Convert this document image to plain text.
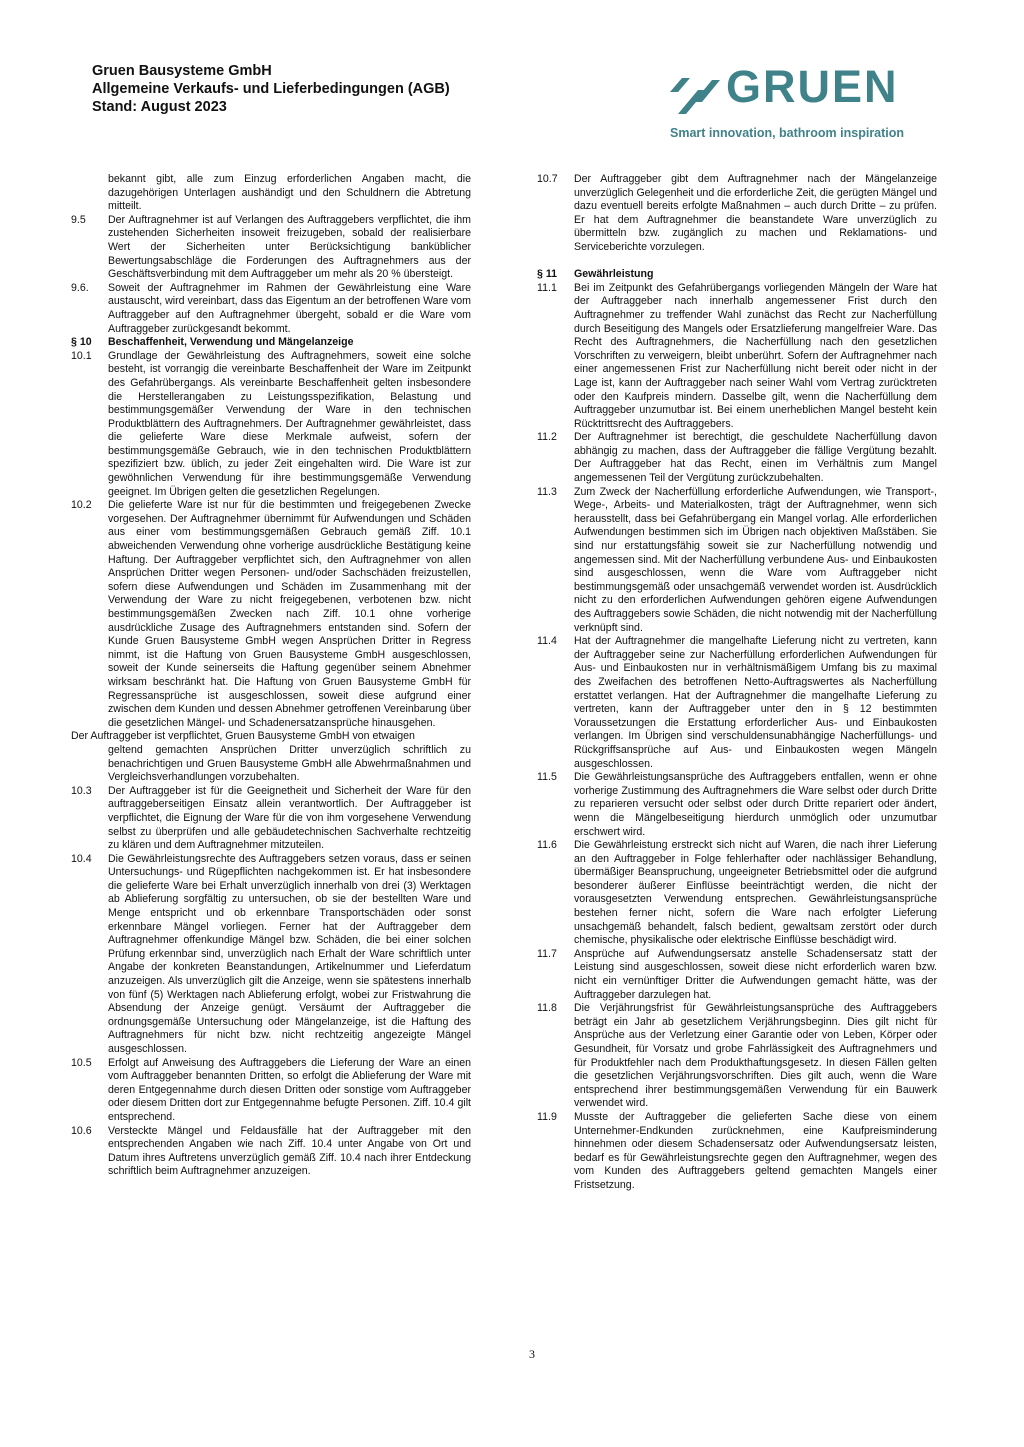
Gruen Bausysteme GmbH
Allgemeine Verkaufs- und Lieferbedingungen (AGB)
Stand: August 2023	GRUEN
Smart innovation, bathroom inspiration
bekannt gibt, alle zum Einzug erforderlichen Angaben macht, die dazugehörigen Unterlagen aushändigt und den Schuldnern die Abtretung mitteilt.
9.5 Der Auftragnehmer ist auf Verlangen des Auftraggebers verpflichtet, die ihm zustehenden Sicherheiten insoweit freizugeben, sobald der realisierbare Wert der Sicherheiten unter Berücksichtigung banküblicher Bewertungsabschläge die Forderungen des Auftragnehmers aus der Geschäftsverbindung mit dem Auftraggeber um mehr als 20 % übersteigt.
9.6. Soweit der Auftragnehmer im Rahmen der Gewährleistung eine Ware austauscht, wird vereinbart, dass das Eigentum an der betroffenen Ware vom Auftraggeber auf den Auftragnehmer übergeht, sobald er die Ware vom Auftraggeber zurückgesandt bekommt.
§ 10 Beschaffenheit, Verwendung und Mängelanzeige
10.1 Grundlage der Gewährleistung des Auftragnehmers, soweit eine solche besteht, ist vorrangig die vereinbarte Beschaffenheit der Ware im Zeitpunkt des Gefahrübergangs. Als vereinbarte Beschaffenheit gelten insbesondere die Herstellerangaben zu Leistungsspezifikation, Belastung und bestimmungsgemäßer Verwendung der Ware in den technischen Produktblättern des Auftragnehmers. Der Auftragnehmer gewährleistet, dass die gelieferte Ware diese Merkmale aufweist, sofern der bestimmungsgemäße Gebrauch, wie in den technischen Produktblättern spezifiziert bzw. üblich, zu jeder Zeit eingehalten wird. Die Ware ist zur gewöhnlichen Verwendung für ihre bestimmungsgemäße Verwendung geeignet. Im Übrigen gelten die gesetzlichen Regelungen.
10.2 Die gelieferte Ware ist nur für die bestimmten und freigegebenen Zwecke vorgesehen. Der Auftragnehmer übernimmt für Aufwendungen und Schäden aus einer vom bestimmungsgemäßen Gebrauch gemäß Ziff. 10.1 abweichenden Verwendung ohne vorherige ausdrückliche Bestätigung keine Haftung. Der Auftraggeber verpflichtet sich, den Auftragnehmer von allen Ansprüchen Dritter wegen Personen- und/oder Sachschäden freizustellen, sofern diese Aufwendungen und Schäden im Zusammenhang mit der Verwendung der Ware zu nicht freigegebenen, verbotenen bzw. nicht bestimmungsgemäßen Zwecken nach Ziff. 10.1 ohne vorherige ausdrückliche Zusage des Auftragnehmers entstanden sind. Sofern der Kunde Gruen Bausysteme GmbH wegen Ansprüchen Dritter in Regress nimmt, ist die Haftung von Gruen Bausysteme GmbH ausgeschlossen, soweit der Kunde seinerseits die Haftung gegenüber seinem Abnehmer wirksam beschränkt hat. Die Haftung von Gruen Bausysteme GmbH für Regressansprüche ist ausgeschlossen, soweit diese aufgrund einer zwischen dem Kunden und dessen Abnehmer getroffenen Vereinbarung über die gesetzlichen Mängel- und Schadenersatzansprüche hinausgehen.
Der Auftraggeber ist verpflichtet, Gruen Bausysteme GmbH von etwaigen
geltend gemachten Ansprüchen Dritter unverzüglich schriftlich zu benachrichtigen und Gruen Bausysteme GmbH alle Abwehrmaßnahmen und Vergleichsverhandlungen vorzubehalten.
10.3 Der Auftraggeber ist für die Geeignetheit und Sicherheit der Ware für den auftraggeberseitigen Einsatz allein verantwortlich. Der Auftraggeber ist verpflichtet, die Eignung der Ware für die von ihm vorgesehene Verwendung selbst zu überprüfen und alle gebäudetechnischen Sachverhalte rechtzeitig zu klären und dem Auftragnehmer mitzuteilen.
10.4 Die Gewährleistungsrechte des Auftraggebers setzen voraus, dass er seinen Untersuchungs- und Rügepflichten nachgekommen ist. Er hat insbesondere die gelieferte Ware bei Erhalt unverzüglich innerhalb von drei (3) Werktagen ab Ablieferung sorgfältig zu untersuchen, ob sie der bestellten Ware und Menge entspricht und ob erkennbare Transportschäden oder sonst erkennbare Mängel vorliegen. Ferner hat der Auftraggeber dem Auftragnehmer offenkundige Mängel bzw. Schäden, die bei einer solchen Prüfung erkennbar sind, unverzüglich nach Erhalt der Ware schriftlich unter Angabe der konkreten Beanstandungen, Artikelnummer und Lieferdatum anzuzeigen. Als unverzüglich gilt die Anzeige, wenn sie spätestens innerhalb von fünf (5) Werktagen nach Ablieferung erfolgt, wobei zur Fristwahrung die Absendung der Anzeige genügt. Versäumt der Auftraggeber die ordnungsgemäße Untersuchung oder Mängelanzeige, ist die Haftung des Auftragnehmers für nicht bzw. nicht rechtzeitig angezeigte Mängel ausgeschlossen.
10.5 Erfolgt auf Anweisung des Auftraggebers die Lieferung der Ware an einen vom Auftraggeber benannten Dritten, so erfolgt die Ablieferung der Ware mit deren Entgegennahme durch diesen Dritten oder sonstige vom Auftraggeber oder diesem Dritten dort zur Entgegennahme befugte Personen. Ziff. 10.4 gilt entsprechend.
10.6 Versteckte Mängel und Feldausfälle hat der Auftraggeber mit den entsprechenden Angaben wie nach Ziff. 10.4 unter Angabe von Ort und Datum ihres Auftretens unverzüglich gemäß Ziff. 10.4 nach ihrer Entdeckung schriftlich beim Auftragnehmer anzuzeigen.
10.7 Der Auftraggeber gibt dem Auftragnehmer nach der Mängelanzeige unverzüglich Gelegenheit und die erforderliche Zeit, die gerügten Mängel und dazu eventuell bereits erfolgte Maßnahmen – auch durch Dritte – zu prüfen. Er hat dem Auftragnehmer die beanstandete Ware unverzüglich zu übermitteln bzw. zugänglich zu machen und Reklamations- und Serviceberichte vorzulegen.
§ 11 Gewährleistung
11.1 Bei im Zeitpunkt des Gefahrübergangs vorliegenden Mängeln der Ware hat der Auftraggeber nach innerhalb angemessener Frist durch den Auftragnehmer zu treffender Wahl zunächst das Recht zur Nacherfüllung durch Beseitigung des Mangels oder Ersatzlieferung mangelfreier Ware. Das Recht des Auftragnehmers, die Nacherfüllung nach den gesetzlichen Vorschriften zu verweigern, bleibt unberührt. Sofern der Auftragnehmer nach einer angemessenen Frist zur Nacherfüllung nicht bereit oder nicht in der Lage ist, kann der Auftraggeber nach seiner Wahl vom Vertrag zurücktreten oder den Kaufpreis mindern. Dasselbe gilt, wenn die Nacherfüllung dem Auftraggeber unzumutbar ist. Bei einem unerheblichen Mangel besteht kein Rücktrittsrecht des Auftraggebers.
11.2 Der Auftragnehmer ist berechtigt, die geschuldete Nacherfüllung davon abhängig zu machen, dass der Auftraggeber die fällige Vergütung bezahlt. Der Auftraggeber hat das Recht, einen im Verhältnis zum Mangel angemessenen Teil der Vergütung zurückzubehalten.
11.3 Zum Zweck der Nacherfüllung erforderliche Aufwendungen, wie Transport-, Wege-, Arbeits- und Materialkosten, trägt der Auftragnehmer, wenn sich herausstellt, dass bei Gefahrübergang ein Mangel vorlag. Alle erforderlichen Aufwendungen bestimmen sich im Übrigen nach objektiven Maßstäben. Sie sind nur erstattungsfähig soweit sie zur Nacherfüllung notwendig und angemessen sind. Mit der Nacherfüllung verbundene Aus- und Einbaukosten sind ausgeschlossen, wenn die Ware vom Auftraggeber nicht bestimmungsgemäß oder unsachgemäß verwendet worden ist. Ausdrücklich nicht zu den erforderlichen Aufwendungen gehören eigene Aufwendungen des Auftraggebers sowie Schäden, die nicht notwendig mit der Nacherfüllung verknüpft sind.
11.4 Hat der Auftragnehmer die mangelhafte Lieferung nicht zu vertreten, kann der Auftraggeber seine zur Nacherfüllung erforderlichen Aufwendungen für Aus- und Einbaukosten nur in verhältnismäßigem Umfang bis zu maximal des Zweifachen des betroffenen Netto-Auftragswertes als Nacherfüllung erstattet verlangen. Hat der Auftragnehmer die mangelhafte Lieferung zu vertreten, kann der Auftraggeber unter den in § 12 bestimmten Voraussetzungen die Erstattung erforderlicher Aus- und Einbaukosten verlangen. Im Übrigen sind verschuldensunabhängige Nacherfüllungs- und Rückgriffsansprüche auf Aus- und Einbaukosten wegen Mängeln ausgeschlossen.
11.5 Die Gewährleistungsansprüche des Auftraggebers entfallen, wenn er ohne vorherige Zustimmung des Auftragnehmers die Ware selbst oder durch Dritte zu reparieren versucht oder selbst oder durch Dritte repariert oder ändert, wenn die Mängelbeseitigung hierdurch unmöglich oder unzumutbar erschwert wird.
11.6 Die Gewährleistung erstreckt sich nicht auf Waren, die nach ihrer Lieferung an den Auftraggeber in Folge fehlerhafter oder nachlässiger Behandlung, übermäßiger Beanspruchung, ungeeigneter Betriebsmittel oder die aufgrund besonderer äußerer Einflüsse beeinträchtigt werden, die nicht der vorausgesetzten Verwendung entsprechen. Gewährleistungsansprüche bestehen ferner nicht, sofern die Ware nach erfolgter Lieferung unsachgemäß behandelt, falsch bedient, gewaltsam zerstört oder durch chemische, physikalische oder elektrische Einflüsse beschädigt wird.
11.7 Ansprüche auf Aufwendungsersatz anstelle Schadensersatz statt der Leistung sind ausgeschlossen, soweit diese nicht erforderlich waren bzw. nicht ein vernünftiger Dritter die Aufwendungen gemacht hätte, was der Auftraggeber darzulegen hat.
11.8 Die Verjährungsfrist für Gewährleistungsansprüche des Auftraggebers beträgt ein Jahr ab gesetzlichem Verjährungsbeginn. Dies gilt nicht für Ansprüche aus der Verletzung einer Garantie oder von Leben, Körper oder Gesundheit, für Vorsatz und grobe Fahrlässigkeit des Auftragnehmers und für Produktfehler nach dem Produkthaftungsgesetz. In diesen Fällen gelten die gesetzlichen Verjährungsvorschriften. Dies gilt auch, wenn die Ware entsprechend ihrer bestimmungsgemäßen Verwendung für ein Bauwerk verwendet wird.
11.9 Musste der Auftraggeber die gelieferten Sache diese von einem Unternehmer-Endkunden zurücknehmen, eine Kaufpreisminderung hinnehmen oder diesem Schadensersatz oder Aufwendungsersatz leisten, bedarf es für Gewährleistungsrechte gegen den Auftragnehmer, wegen des vom Kunden des Auftraggebers geltend gemachten Mangels einer Fristsetzung.
3
